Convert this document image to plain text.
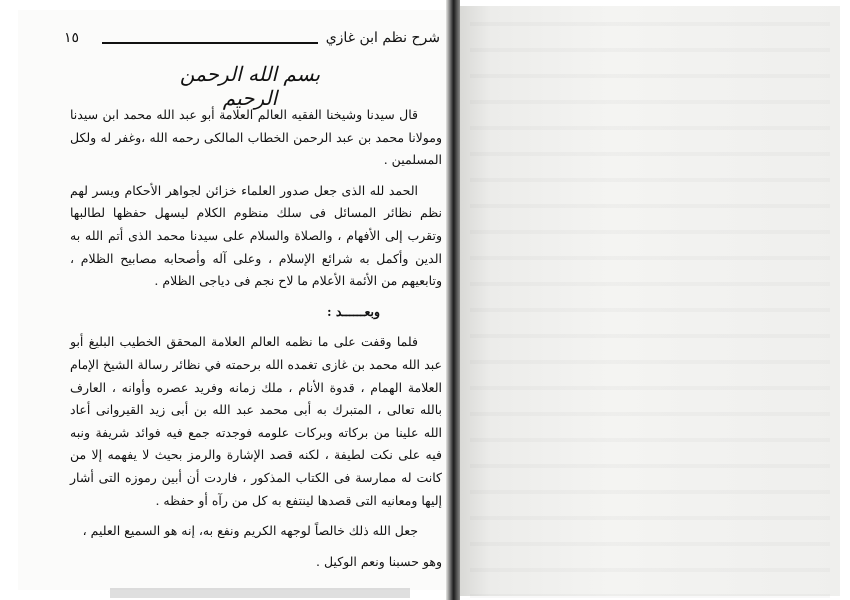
شرح نظم ابن غازي
١٥
بسم الله الرحمن الرحيم

قال سيدنا وشيخنا الفقيه العالم العلامة أبو عبد الله محمد ابن سيدنا ومولانا محمد بن عبد الرحمن الخطاب المالكى رحمه الله ،وغفر له ولكل المسلمين .

الحمد لله الذى جعل صدور العلماء خزائن لجواهر الأحكام ويسر لهم نظم نظائر المسائل فى سلك منظوم الكلام ليسهل حفظها لطالبها وتقرب إلى الأفهام ، والصلاة والسلام على سيدنا محمد الذى أتم الله به الدين وأكمل به شرائع الإسلام ، وعلى آله وأصحابه مصابيح الظلام ، وتابعيهم من الأئمة الأعلام ما لاح نجم فى دياجى الظلام .

وبعــــــد :

فلما وقفت على ما نظمه العالم العلامة المحقق الخطيب البليغ أبو عبد الله محمد بن غازى تغمده الله برحمته في نظائر رسالة الشيخ الإمام العلامة الهمام ، قدوة الأنام ، ملك زمانه وفريد عصره وأوانه ، العارف بالله تعالى ، المتبرك به أبى محمد عبد الله بن أبى زيد القيروانى أعاد الله علينا من بركاته وبركات علومه فوجدته جمع فيه فوائد شريفة ونبه فيه على نكت لطيفة ، لكنه قصد الإشارة والرمز بحيث لا يفهمه إلا من كانت له ممارسة فى الكتاب المذكور ، فاردت أن أبين رموزه التى أشار إليها ومعانيه التى قصدها لينتفع به كل من رآه أو حفظه .

جعل الله ذلك خالصاً لوجهه الكريم ونفع به، إنه هو السميع العليم ،

وهو حسبنا ونعم الوكيل .
